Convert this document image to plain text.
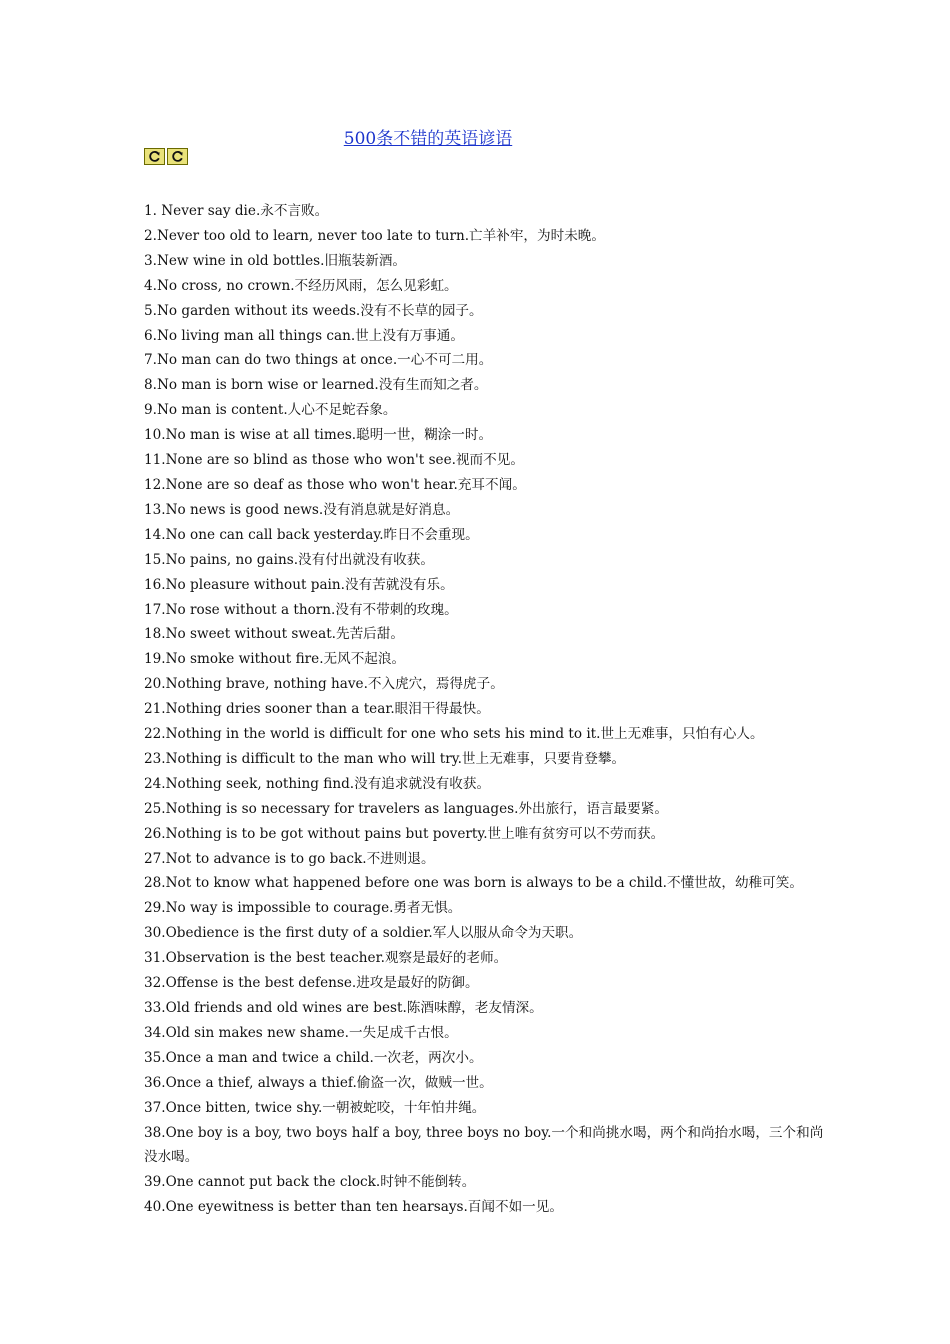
500条不错的英语谚语
1. Never say die.永不言败。
2.Never too old to learn, never too late to turn.亡羊补牢，为时未晚。
3.New wine in old bottles.旧瓶装新酒。
4.No cross, no crown.不经历风雨，怎么见彩虹。
5.No garden without its weeds.没有不长草的园子。
6.No living man all things can.世上没有万事通。
7.No man can do two things at once.一心不可二用。
8.No man is born wise or learned.没有生而知之者。
9.No man is content.人心不足蛇吞象。
10.No man is wise at all times.聪明一世，糊涂一时。
11.None are so blind as those who won't see.视而不见。
12.None are so deaf as those who won't hear.充耳不闻。
13.No news is good news.没有消息就是好消息。
14.No one can call back yesterday.昨日不会重现。
15.No pains, no gains.没有付出就没有收获。
16.No pleasure without pain.没有苦就没有乐。
17.No rose without a thorn.没有不带刺的玫瑰。
18.No sweet without sweat.先苦后甜。
19.No smoke without fire.无风不起浪。
20.Nothing brave, nothing have.不入虎穴，焉得虎子。
21.Nothing dries sooner than a tear.眼泪干得最快。
22.Nothing in the world is difficult for one who sets his mind to it.世上无难事，只怕有心人。
23.Nothing is difficult to the man who will try.世上无难事，只要肯登攀。
24.Nothing seek, nothing find.没有追求就没有收获。
25.Nothing is so necessary for travelers as languages.外出旅行，语言最要紧。
26.Nothing is to be got without pains but poverty.世上唯有贫穷可以不劳而获。
27.Not to advance is to go back.不进则退。
28.Not to know what happened before one was born is always to be a child.不懂世故，幼稚可笑。
29.No way is impossible to courage.勇者无惧。
30.Obedience is the first duty of a soldier.军人以服从命令为天职。
31.Observation is the best teacher.观察是最好的老师。
32.Offense is the best defense.进攻是最好的防御。
33.Old friends and old wines are best.陈酒味醇，老友情深。
34.Old sin makes new shame.一失足成千古恨。
35.Once a man and twice a child.一次老，两次小。
36.Once a thief, always a thief.偷盗一次，做贼一世。
37.Once bitten, twice shy.一朝被蛇咬，十年怕井绳。
38.One boy is a boy, two boys half a boy, three boys no boy.一个和尚挑水喝，两个和尚抬水喝，三个和尚没水喝。
39.One cannot put back the clock.时钟不能倒转。
40.One eyewitness is better than ten hearsays.百闻不如一见。
